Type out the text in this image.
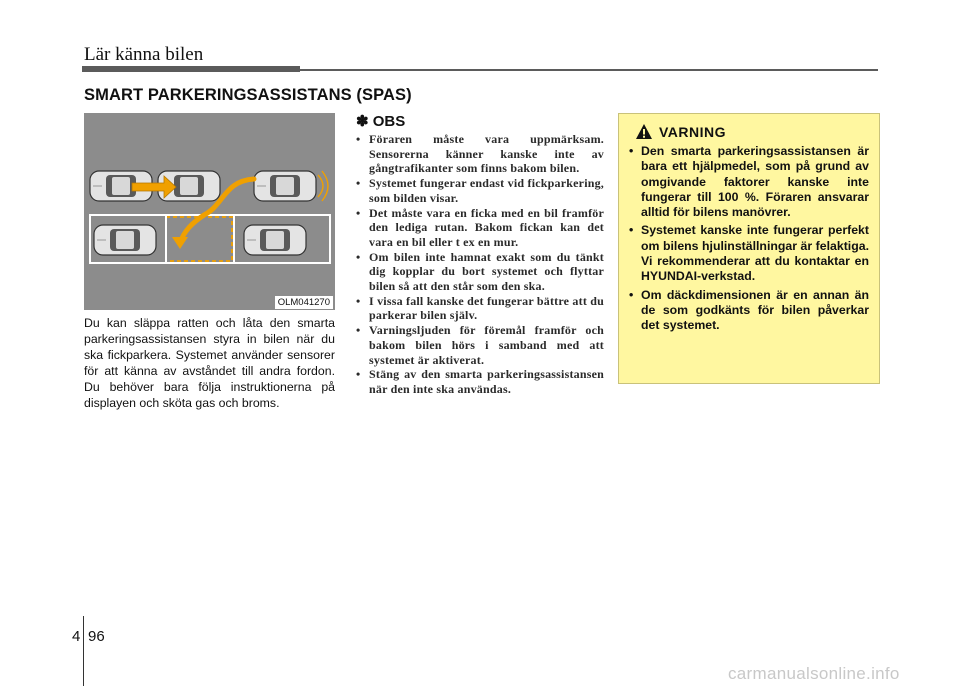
Lär känna bilen
SMART PARKERINGSASSISTANS (SPAS)
OLM041270
Du kan släppa ratten och låta den smarta parkeringsassistansen styra in bilen när du ska fickparkera. Systemet använder sensorer för att känna av avståndet till andra fordon. Du behöver bara följa instruktionerna på displayen och sköta gas och broms.
✽ OBS
• Föraren måste vara uppmärksam. Sensorerna känner kanske inte av gångtrafikanter som finns bakom bilen.
• Systemet fungerar endast vid fickparkering, som bilden visar.
• Det måste vara en ficka med en bil framför den lediga rutan. Bakom fickan kan det vara en bil eller t ex en mur.
• Om bilen inte hamnat exakt som du tänkt dig kopplar du bort systemet och flyttar bilen så att den står som den ska.
• I vissa fall kanske det fungerar bättre att du parkerar bilen själv.
• Varningsljuden för föremål framför och bakom bilen hörs i samband med att systemet är aktiverat.
• Stäng av den smarta parkeringsassistansen när den inte ska användas.
VARNING
• Den smarta parkeringsassistansen är bara ett hjälpmedel, som på grund av omgivande faktorer kanske inte fungerar till 100 %. Föraren ansvarar alltid för bilens manövrer.
• Systemet kanske inte fungerar perfekt om bilens hjulinställningar är felaktiga. Vi rekommenderar att du kontaktar en HYUNDAI-verkstad.
• Om däckdimensionen är en annan än de som godkänts för bilen påverkar det systemet.
4 96
carmanualsonline.info
